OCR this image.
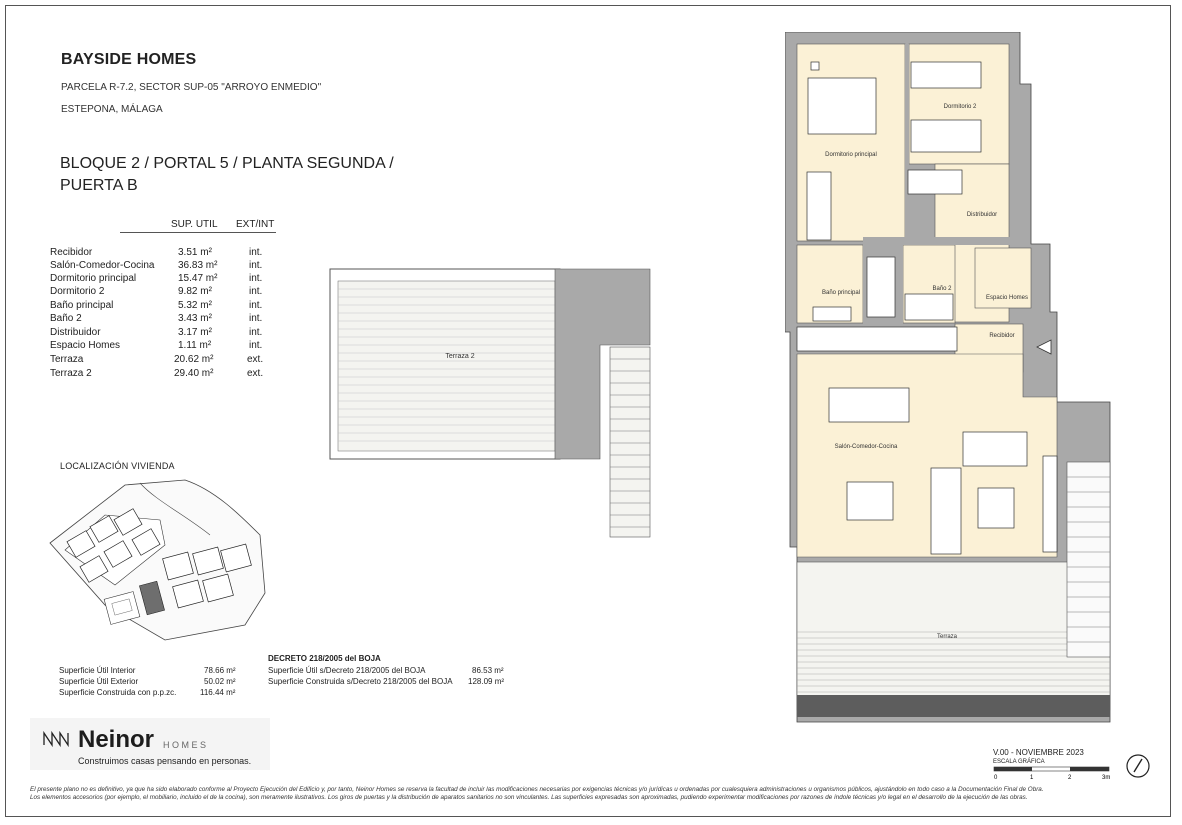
BAYSIDE HOMES
PARCELA R-7.2, SECTOR SUP-05 "ARROYO ENMEDIO"
ESTEPONA, MÁLAGA
BLOQUE 2 / PORTAL 5 / PLANTA SEGUNDA /
PUERTA B
SUP. UTIL EXT/INT
Recibidor	3.51 m²	int.
Salón-Comedor-Cocina 36.83 m²	int.
Dormitorio principal	15.47 m²	int.
Dormitorio 2	9.82 m²	int.
Baño principal	5.32 m²	int.
Baño 2	3.43 m²	int.
Distribuidor	3.17 m²	int.
Espacio Homes	1.11 m²	int.
Terraza	20.62 m²	ext.
Terraza 2	29.40 m²	ext.
Terraza 2
LOCALIZACIÓN VIVIENDA
Superficie Útil Interior	78.66 m²
Superficie Útil Exterior	50.02 m²
Superficie Construida con p.p.zc.	116.44 m²
DECRETO 218/2005 del BOJA
Superficie Útil s/Decreto 218/2005 del BOJA	86.53 m²
Superficie Construida s/Decreto 218/2005 del BOJA 128.09 m²
Neinor HOMES
Construimos casas pensando en personas.
Dormitorio principal
Dormitorio 2
Distribuidor
Baño principal
Baño 2
Espacio Homes
Recibidor
Salón-Comedor-Cocina
Terraza
V.00 - NOVIEMBRE 2023
ESCALA GRÁFICA
0	1	2	3m
El presente plano no es definitivo, ya que ha sido elaborado conforme al Proyecto Ejecución del Edificio y, por tanto, Neinor Homes se reserva la facultad de incluir las modificaciones necesarias por exigencias técnicas y/o jurídicas u ordenadas por cualesquiera administraciones u organismos públicos, ajustándolo en todo caso a la Documentación Final de Obra.
Los elementos accesorios (por ejemplo, el mobiliario, incluido el de la cocina), son meramente ilustrativos. Los giros de puertas y la distribución de aparatos sanitarios no son vinculantes. Las superficies expresadas son aproximadas, pudiendo experimentar modificaciones por razones de índole técnicas y/o legal en el desarrollo de la ejecución de las obras.
